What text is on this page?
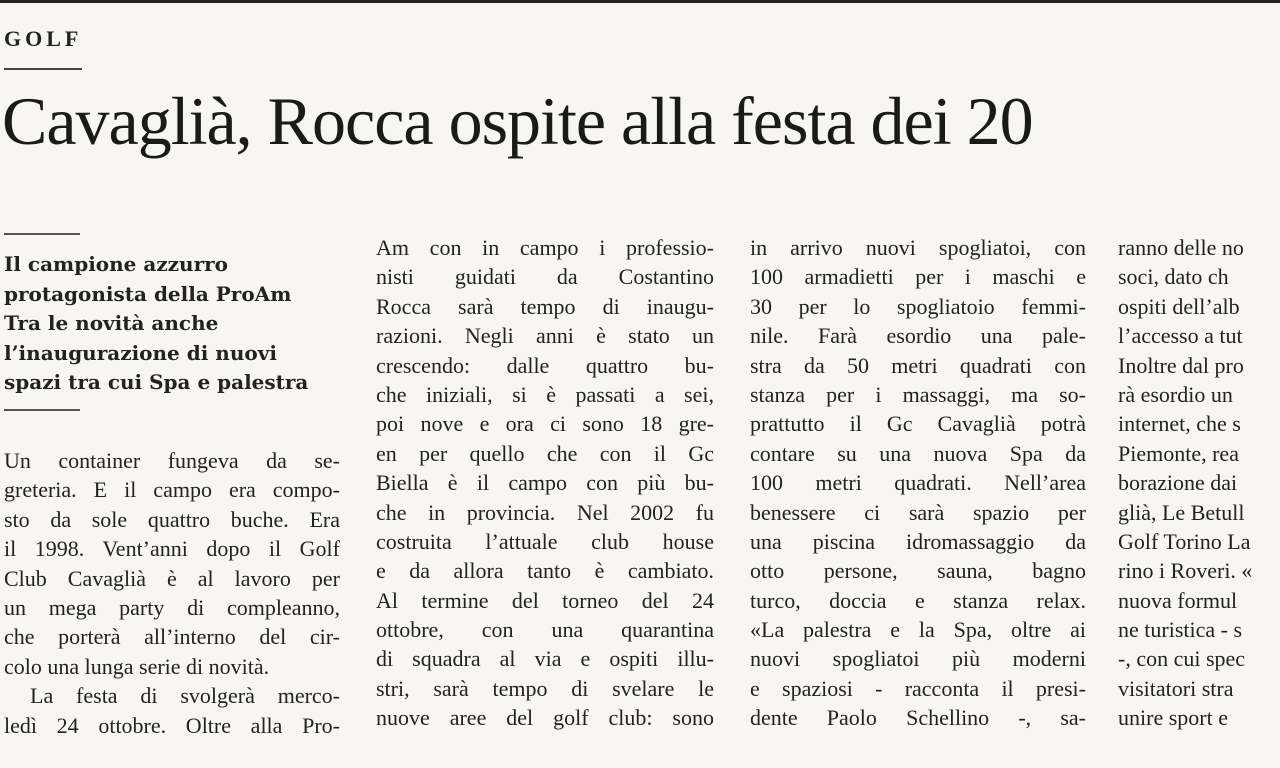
GOLF
Cavaglià, Rocca ospite alla festa dei 20
Il campione azzurro
protagonista della ProAm
Tra le novità anche
l’inaugurazione di nuovi
spazi tra cui Spa e palestra
Un container fungeva da se-
greteria. E il campo era compo-
sto da sole quattro buche. Era
il 1998. Vent’anni dopo il Golf
Club Cavaglià è al lavoro per
un mega party di compleanno,
che porterà all’interno del cir-
colo una lunga serie di novità.
La festa di svolgerà merco-
ledì 24 ottobre. Oltre alla Pro-
Am con in campo i professio-
nisti guidati da Costantino
Rocca sarà tempo di inaugu-
razioni. Negli anni è stato un
crescendo: dalle quattro bu-
che iniziali, si è passati a sei,
poi nove e ora ci sono 18 gre-
en per quello che con il Gc
Biella è il campo con più bu-
che in provincia. Nel 2002 fu
costruita l’attuale club house
e da allora tanto è cambiato.
Al termine del torneo del 24
ottobre, con una quarantina
di squadra al via e ospiti illu-
stri, sarà tempo di svelare le
nuove aree del golf club: sono
in arrivo nuovi spogliatoi, con
100 armadietti per i maschi e
30 per lo spogliatoio femmi-
nile. Farà esordio una pale-
stra da 50 metri quadrati con
stanza per i massaggi, ma so-
prattutto il Gc Cavaglià potrà
contare su una nuova Spa da
100 metri quadrati. Nell’area
benessere ci sarà spazio per
una piscina idromassaggio da
otto persone, sauna, bagno
turco, doccia e stanza relax.
«La palestra e la Spa, oltre ai
nuovi spogliatoi più moderni
e spaziosi - racconta il presi-
dente Paolo Schellino -, sa-
ranno delle no
soci, dato ch
ospiti dell’alb
l’accesso a tut
Inoltre dal pro
rà esordio un
internet, che s
Piemonte, rea
borazione dai
glià, Le Betull
Golf Torino La
rino i Roveri. «
nuova formul
ne turistica - s
-, con cui spec
visitatori stra
unire sport e
